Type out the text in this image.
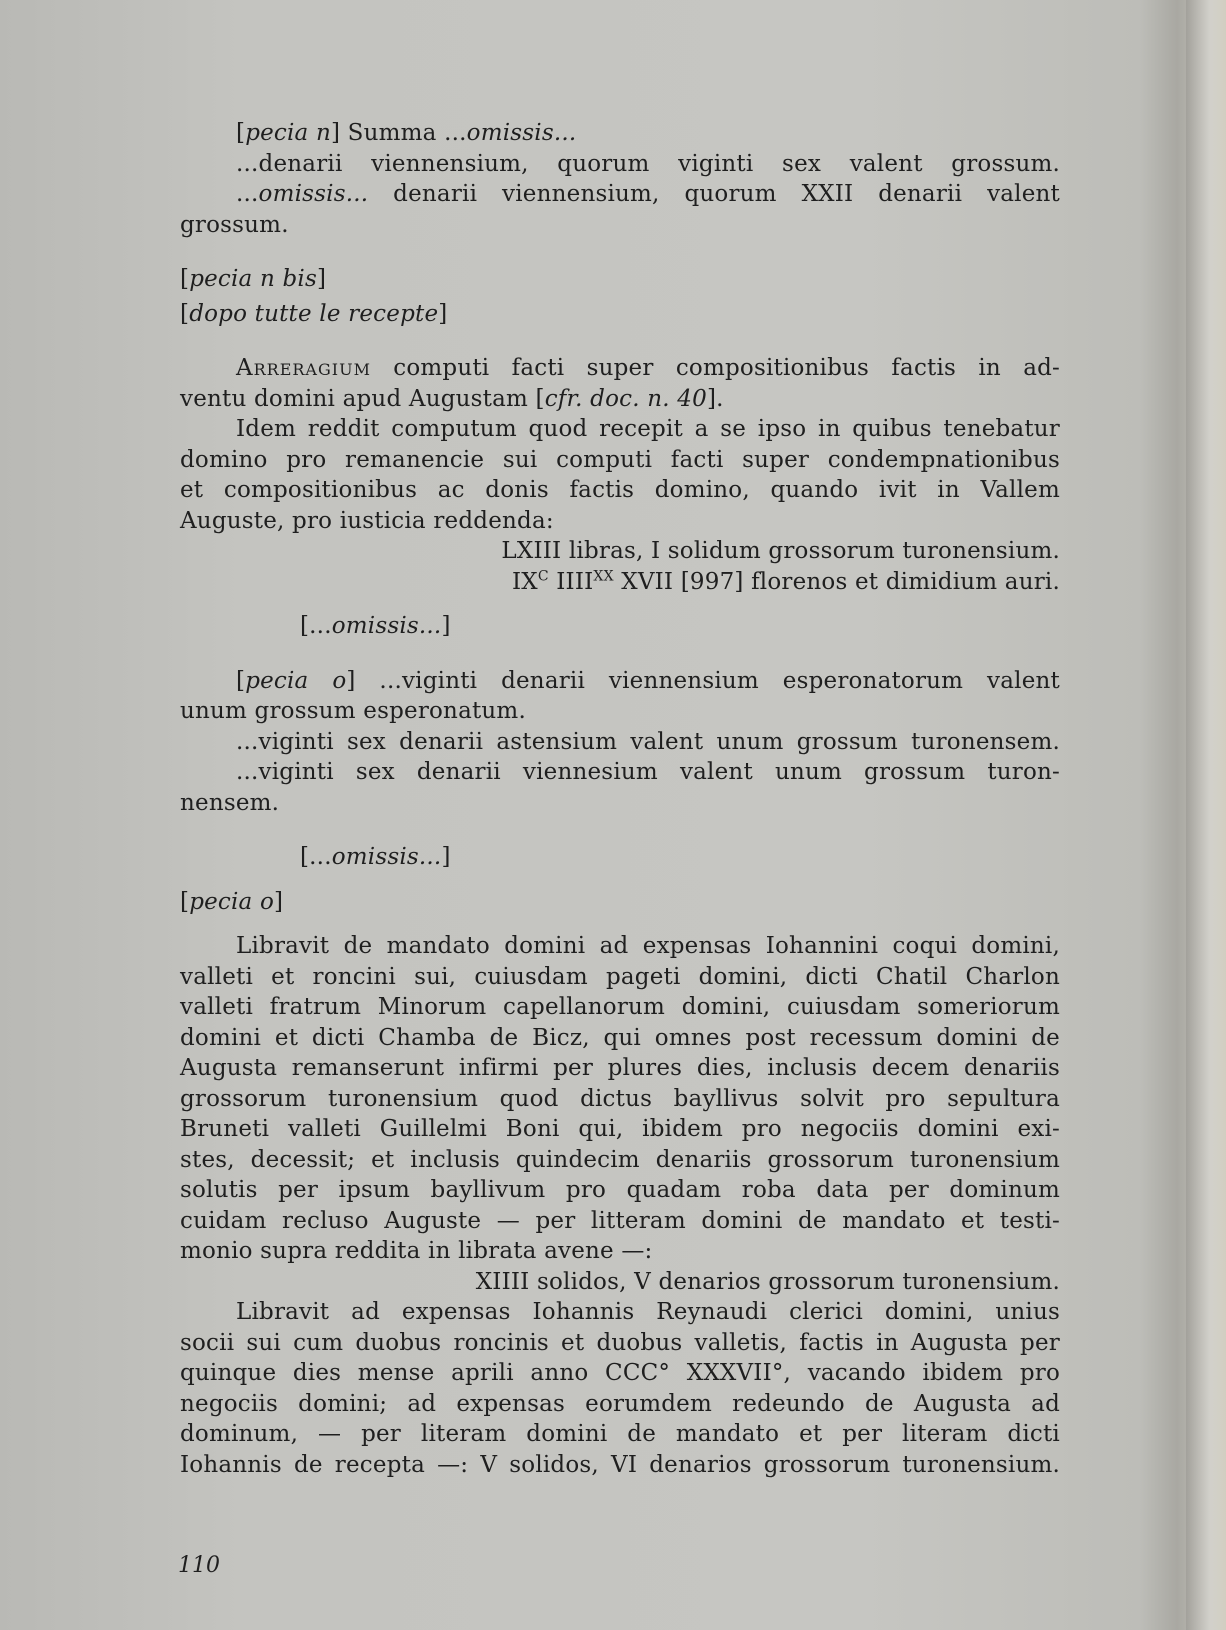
[pecia n] Summa ...omissis...
...denarii viennensium, quorum viginti sex valent grossum.
...omissis... denarii viennensium, quorum XXII denarii valent
grossum.
[pecia n bis]
[dopo tutte le recepte]
Arreragium computi facti super compositionibus factis in ad-
ventu domini apud Augustam [cfr. doc. n. 40].
Idem reddit computum quod recepit a se ipso in quibus tenebatur
domino pro remanencie sui computi facti super condempnationibus
et compositionibus ac donis factis domino, quando ivit in Vallem
Auguste, pro iusticia reddenda:
LXIII libras, I solidum grossorum turonensium.
$IX^C$ $IIII^{XX}$ XVII [997] florenos et dimidium auri.
[...omissis...]
[pecia o] ...viginti denarii viennensium esperonatorum valent
unum grossum esperonatum.
...viginti sex denarii astensium valent unum grossum turonensem.
...viginti sex denarii viennesium valent unum grossum turon-
nensem.
[...omissis...]
[pecia o]
Libravit de mandato domini ad expensas Iohannini coqui domini,
valleti et roncini sui, cuiusdam pageti domini, dicti Chatil Charlon
valleti fratrum Minorum capellanorum domini, cuiusdam someriorum
domini et dicti Chamba de Bicz, qui omnes post recessum domini de
Augusta remanserunt infirmi per plures dies, inclusis decem denariis
grossorum turonensium quod dictus bayllivus solvit pro sepultura
Bruneti valleti Guillelmi Boni qui, ibidem pro negociis domini exi-
stes, decessit; et inclusis quindecim denariis grossorum turonensium
solutis per ipsum bayllivum pro quadam roba data per dominum
cuidam recluso Auguste — per litteram domini de mandato et testi-
monio supra reddita in librata avene —:
XIIII solidos, V denarios grossorum turonensium.
Libravit ad expensas Iohannis Reynaudi clerici domini, unius
socii sui cum duobus roncinis et duobus valletis, factis in Augusta per
quinque dies mense aprili anno CCC° XXXVII°, vacando ibidem pro
negociis domini; ad expensas eorumdem redeundo de Augusta ad
dominum, — per literam domini de mandato et per literam dicti
Iohannis de recepta —: V solidos, VI denarios grossorum turonensium.
110
